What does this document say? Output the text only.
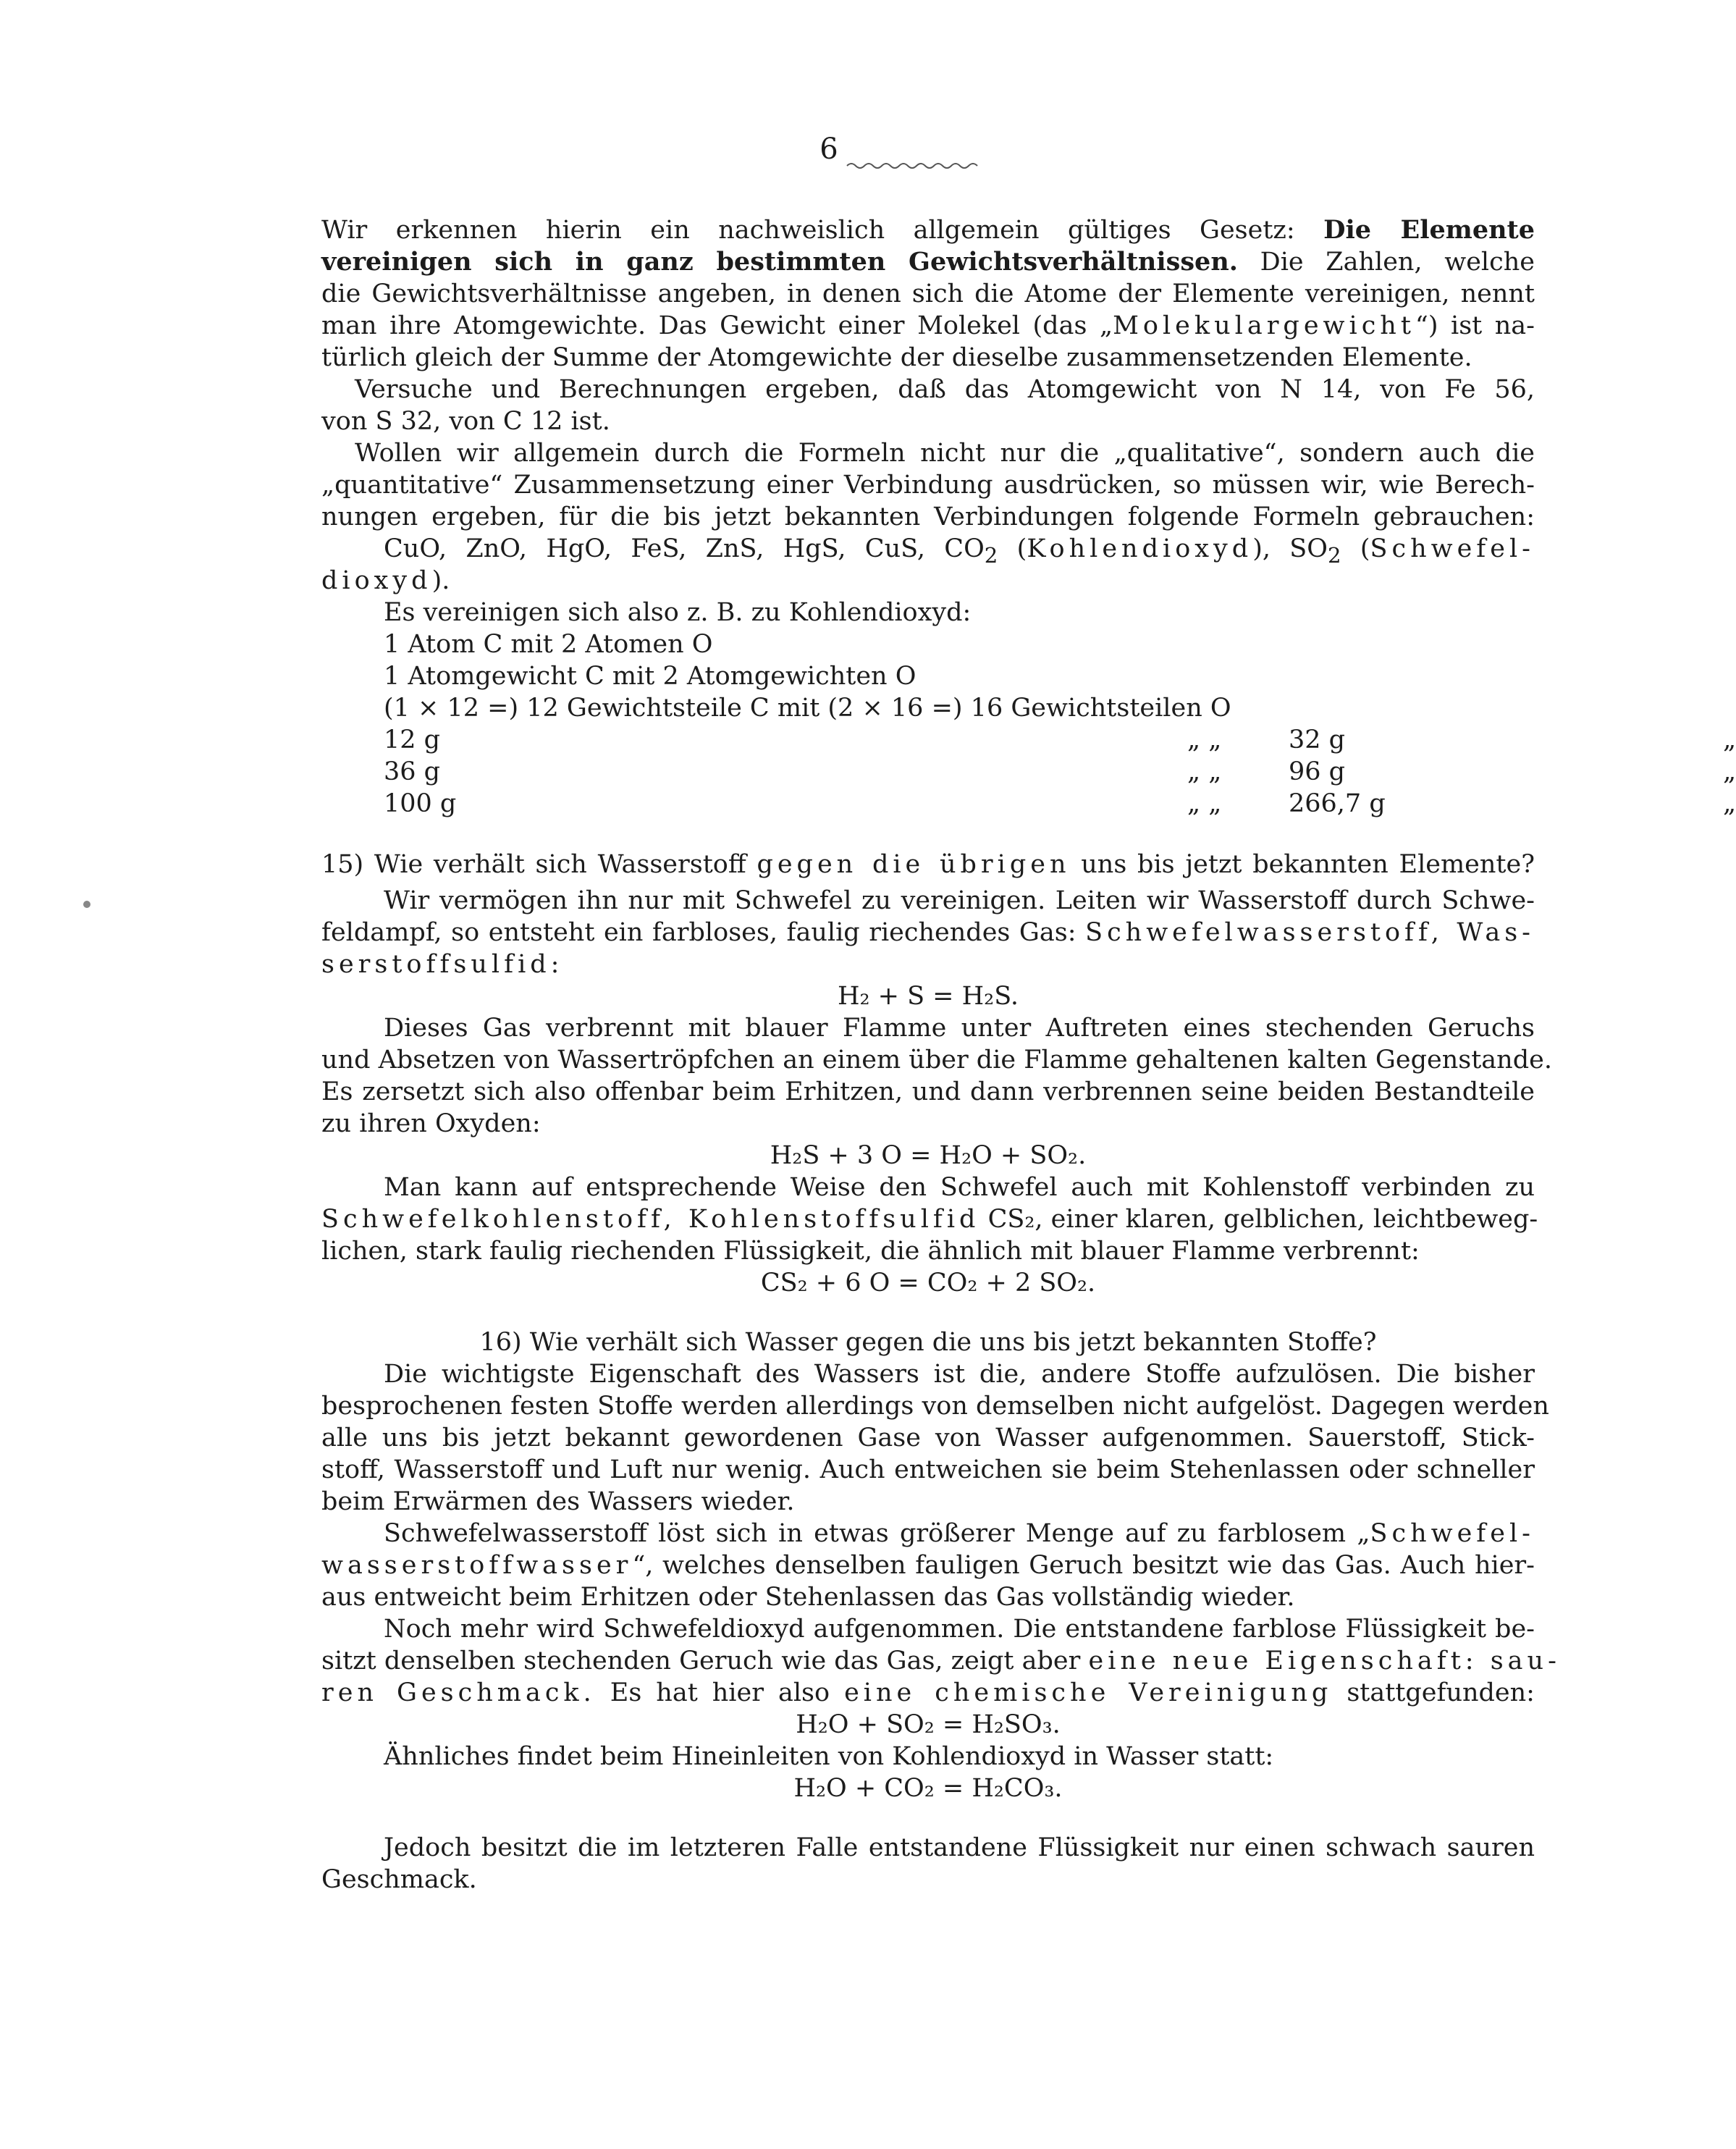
6
Wir erkennen hierin ein nachweislich allgemein gültiges Gesetz: Die Elemente
vereinigen sich in ganz bestimmten Gewichtsverhältnissen. Die Zahlen, welche
die Gewichtsverhältnisse angeben, in denen sich die Atome der Elemente vereinigen, nennt
man ihre Atomgewichte. Das Gewicht einer Molekel (das „Molekulargewicht“) ist na-
türlich gleich der Summe der Atomgewichte der dieselbe zusammensetzenden Elemente.
Versuche und Berechnungen ergeben, daß das Atomgewicht von N 14, von Fe 56,
von S 32, von C 12 ist.
Wollen wir allgemein durch die Formeln nicht nur die „qualitative“, sondern auch die
„quantitative“ Zusammensetzung einer Verbindung ausdrücken, so müssen wir, wie Berech-
nungen ergeben, für die bis jetzt bekannten Verbindungen folgende Formeln gebrauchen:
CuO, ZnO, HgO, FeS, ZnS, HgS, CuS, $CO_2$ (Kohlendioxyd), $SO_2$ (Schwefel-
dioxyd).
Es vereinigen sich also z. B. zu Kohlendioxyd:
1 Atom C mit 2 Atomen O
1 Atomgewicht C mit 2 Atomgewichten O
(1 × 12 =) 12 Gewichtsteile C mit (2 × 16 =) 16 Gewichtsteilen O
12 g	„ „	32 g	„
36 g	„ „	96 g	„
100 g	„ „	266,7 g	„
15) Wie verhält sich Wasserstoff gegen die übrigen uns bis jetzt bekannten Elemente?
Wir vermögen ihn nur mit Schwefel zu vereinigen. Leiten wir Wasserstoff durch Schwe-
feldampf, so entsteht ein farbloses, faulig riechendes Gas: Schwefelwasserstoff, Was-
serstoffsulfid:
H₂ + S = H₂S.
Dieses Gas verbrennt mit blauer Flamme unter Auftreten eines stechenden Geruchs
und Absetzen von Wassertröpfchen an einem über die Flamme gehaltenen kalten Gegenstande.
Es zersetzt sich also offenbar beim Erhitzen, und dann verbrennen seine beiden Bestandteile
zu ihren Oxyden:
H₂S + 3 O = H₂O + SO₂.
Man kann auf entsprechende Weise den Schwefel auch mit Kohlenstoff verbinden zu
Schwefelkohlenstoff, Kohlenstoffsulfid CS₂, einer klaren, gelblichen, leichtbeweg-
lichen, stark faulig riechenden Flüssigkeit, die ähnlich mit blauer Flamme verbrennt:
CS₂ + 6 O = CO₂ + 2 SO₂.
16) Wie verhält sich Wasser gegen die uns bis jetzt bekannten Stoffe?
Die wichtigste Eigenschaft des Wassers ist die, andere Stoffe aufzulösen. Die bisher
besprochenen festen Stoffe werden allerdings von demselben nicht aufgelöst. Dagegen werden
alle uns bis jetzt bekannt gewordenen Gase von Wasser aufgenommen. Sauerstoff, Stick-
stoff, Wasserstoff und Luft nur wenig. Auch entweichen sie beim Stehenlassen oder schneller
beim Erwärmen des Wassers wieder.
Schwefelwasserstoff löst sich in etwas größerer Menge auf zu farblosem „Schwefel-
wasserstoffwasser“, welches denselben fauligen Geruch besitzt wie das Gas. Auch hier-
aus entweicht beim Erhitzen oder Stehenlassen das Gas vollständig wieder.
Noch mehr wird Schwefeldioxyd aufgenommen. Die entstandene farblose Flüssigkeit be-
sitzt denselben stechenden Geruch wie das Gas, zeigt aber eine neue Eigenschaft: sau-
ren Geschmack. Es hat hier also eine chemische Vereinigung stattgefunden:
H₂O + SO₂ = H₂SO₃.
Ähnliches findet beim Hineinleiten von Kohlendioxyd in Wasser statt:
H₂O + CO₂ = H₂CO₃.
Jedoch besitzt die im letzteren Falle entstandene Flüssigkeit nur einen schwach sauren
Geschmack.
